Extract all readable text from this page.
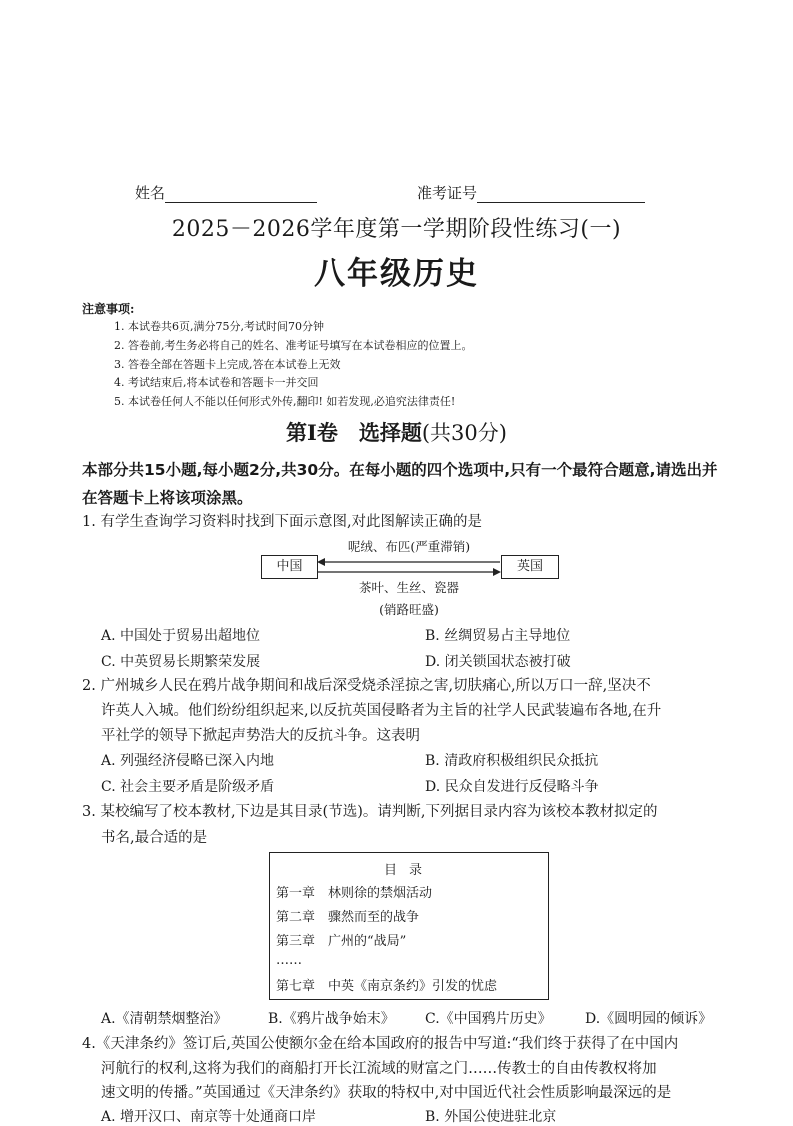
姓名	准考证号
2025－2026学年度第一学期阶段性练习(一)
八年级历史
注意事项:
1. 本试卷共6页,满分75分,考试时间70分钟
2. 答卷前,考生务必将自己的姓名、准考证号填写在本试卷相应的位置上。
3. 答卷全部在答题卡上完成,答在本试卷上无效
4. 考试结束后,将本试卷和答题卡一并交回
5. 本试卷任何人不能以任何形式外传,翻印! 如若发现,必追究法律责任!
第Ⅰ卷　选择题(共30分)
本部分共15小题,每小题2分,共30分。在每小题的四个选项中,只有一个最符合题意,请选出并在答题卡上将该项涂黑。
1. 有学生查询学习资料时找到下面示意图,对此图解读正确的是
中国	英国
呢绒、布匹(严重滞销)
茶叶、生丝、瓷器
(销路旺盛)
A. 中国处于贸易出超地位	B. 丝绸贸易占主导地位
C. 中英贸易长期繁荣发展	D. 闭关锁国状态被打破
2. 广州城乡人民在鸦片战争期间和战后深受烧杀淫掠之害,切肤痛心,所以万口一辞,坚决不
许英人入城。他们纷纷组织起来,以反抗英国侵略者为主旨的社学人民武装遍布各地,在升
平社学的领导下掀起声势浩大的反抗斗争。这表明
A. 列强经济侵略已深入内地	B. 清政府积极组织民众抵抗
C. 社会主要矛盾是阶级矛盾	D. 民众自发进行反侵略斗争
3. 某校编写了校本教材,下边是其目录(节选)。请判断,下列据目录内容为该校本教材拟定的
书名,最合适的是
目录
第一章　林则徐的禁烟活动
第二章　骤然而至的战争
第三章　广州的“战局”
……
第七章　中英《南京条约》引发的忧虑
A.《清朝禁烟整治》	B.《鸦片战争始末》 C.《中国鸦片历史》 D.《圆明园的倾诉》
4.《天津条约》签订后,英国公使额尔金在给本国政府的报告中写道:“我们终于获得了在中国内
河航行的权利,这将为我们的商船打开长江流域的财富之门……传教士的自由传教权将加
速文明的传播。”英国通过《天津条约》获取的特权中,对中国近代社会性质影响最深远的是
A. 增开汉口、南京等十处通商口岸	B. 外国公使进驻北京
